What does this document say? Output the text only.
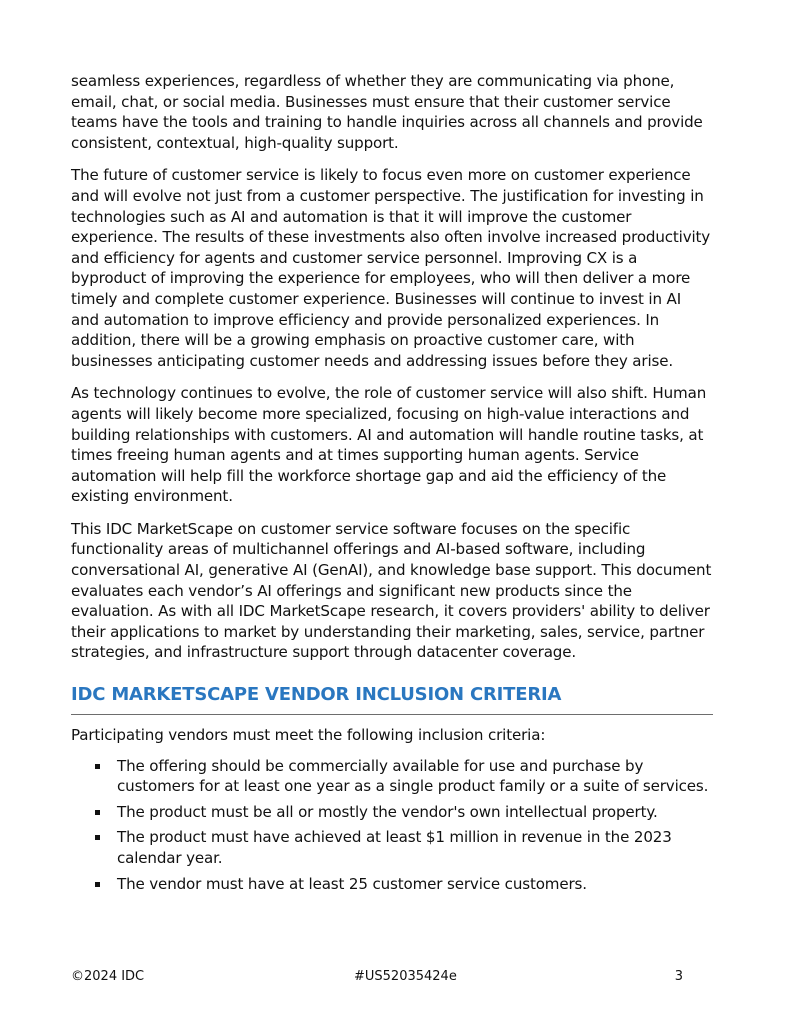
seamless experiences, regardless of whether they are communicating via phone, email, chat, or social media. Businesses must ensure that their customer service teams have the tools and training to handle inquiries across all channels and provide consistent, contextual, high-quality support.

The future of customer service is likely to focus even more on customer experience and will evolve not just from a customer perspective. The justification for investing in technologies such as AI and automation is that it will improve the customer experience. The results of these investments also often involve increased productivity and efficiency for agents and customer service personnel. Improving CX is a byproduct of improving the experience for employees, who will then deliver a more timely and complete customer experience. Businesses will continue to invest in AI and automation to improve efficiency and provide personalized experiences. In addition, there will be a growing emphasis on proactive customer care, with businesses anticipating customer needs and addressing issues before they arise.

As technology continues to evolve, the role of customer service will also shift. Human agents will likely become more specialized, focusing on high-value interactions and building relationships with customers. AI and automation will handle routine tasks, at times freeing human agents and at times supporting human agents. Service automation will help fill the workforce shortage gap and aid the efficiency of the existing environment.

This IDC MarketScape on customer service software focuses on the specific functionality areas of multichannel offerings and AI-based software, including conversational AI, generative AI (GenAI), and knowledge base support. This document evaluates each vendor’s AI offerings and significant new products since the evaluation. As with all IDC MarketScape research, it covers providers' ability to deliver their applications to market by understanding their marketing, sales, service, partner strategies, and infrastructure support through datacenter coverage.

IDC MARKETSCAPE VENDOR INCLUSION CRITERIA

Participating vendors must meet the following inclusion criteria:

The offering should be commercially available for use and purchase by customers for at least one year as a single product family or a suite of services.
The product must be all or mostly the vendor's own intellectual property.
The product must have achieved at least $1 million in revenue in the 2023 calendar year.
The vendor must have at least 25 customer service customers.
©2024 IDC	#US52035424e	3
